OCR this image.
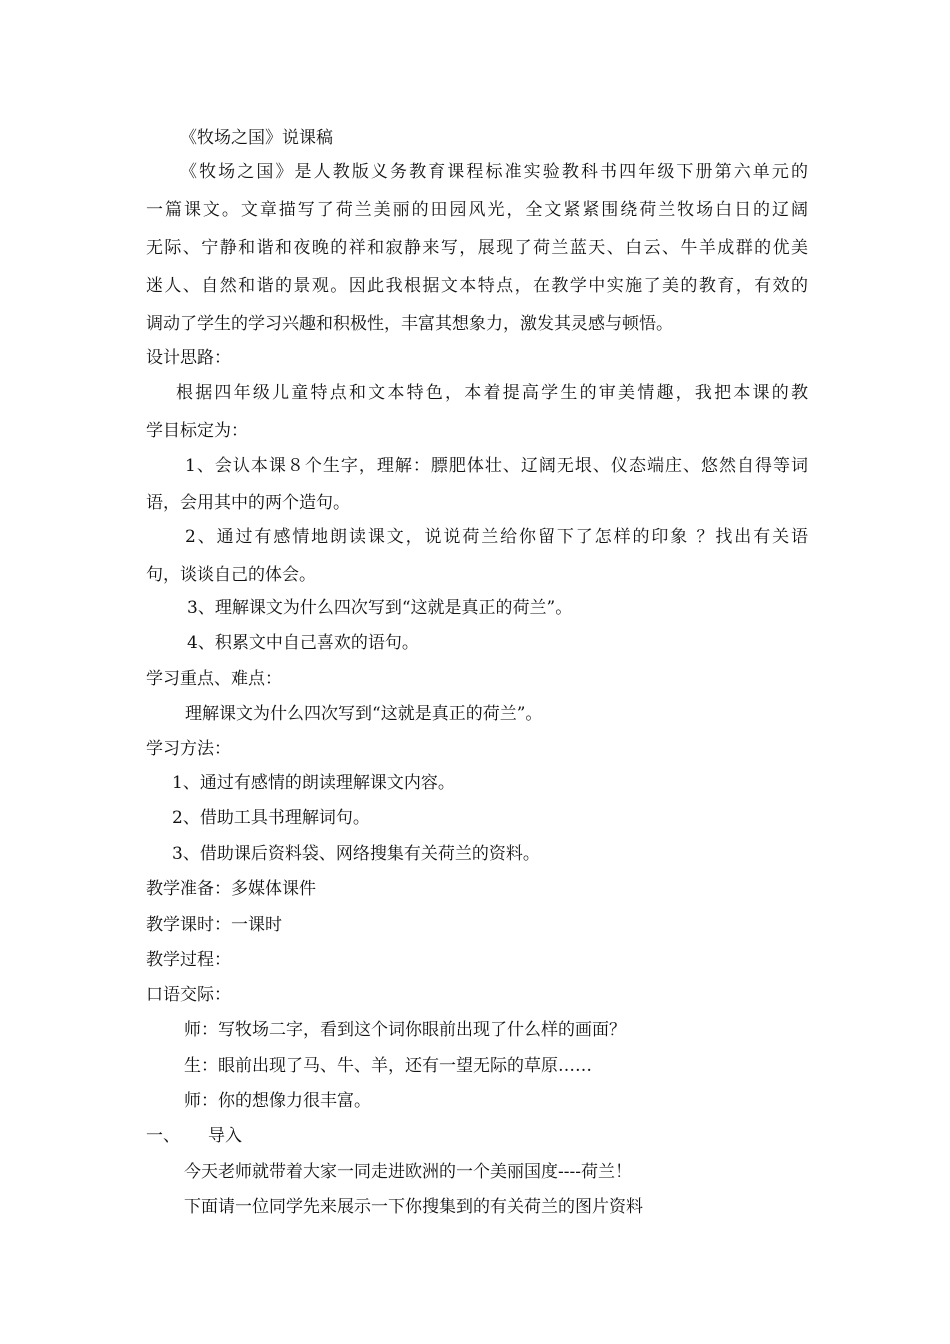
《牧场之国》说课稿
《牧场之国》是人教版义务教育课程标准实验教科书四年级下册第六单元的
一篇课文。文章描写了荷兰美丽的田园风光，全文紧紧围绕荷兰牧场白日的辽阔
无际、宁静和谐和夜晚的祥和寂静来写，展现了荷兰蓝天、白云、牛羊成群的优美
迷人、自然和谐的景观。因此我根据文本特点，在教学中实施了美的教育，有效的
调动了学生的学习兴趣和积极性，丰富其想象力，激发其灵感与顿悟。
设计思路：
根据四年级儿童特点和文本特色，本着提高学生的审美情趣，我把本课的教
学目标定为：
1、会认本课８个生字，理解：膘肥体壮、辽阔无垠、仪态端庄、悠然自得等词
语，会用其中的两个造句。
2、通过有感情地朗读课文，说说荷兰给你留下了怎样的印象 ？找出有关语
句，谈谈自己的体会。
3、理解课文为什么四次写到“这就是真正的荷兰”。
4、积累文中自己喜欢的语句。
学习重点、难点：
理解课文为什么四次写到“这就是真正的荷兰”。
学习方法：
1、通过有感情的朗读理解课文内容。
2、借助工具书理解词句。
3、借助课后资料袋、网络搜集有关荷兰的资料。
教学准备：多媒体课件
教学课时：一课时
教学过程：
口语交际：
师：写牧场二字，看到这个词你眼前出现了什么样的画面？
生：眼前出现了马、牛、羊，还有一望无际的草原……
师：你的想像力很丰富。
一、 导入
今天老师就带着大家一同走进欧洲的一个美丽国度----荷兰！
下面请一位同学先来展示一下你搜集到的有关荷兰的图片资料
